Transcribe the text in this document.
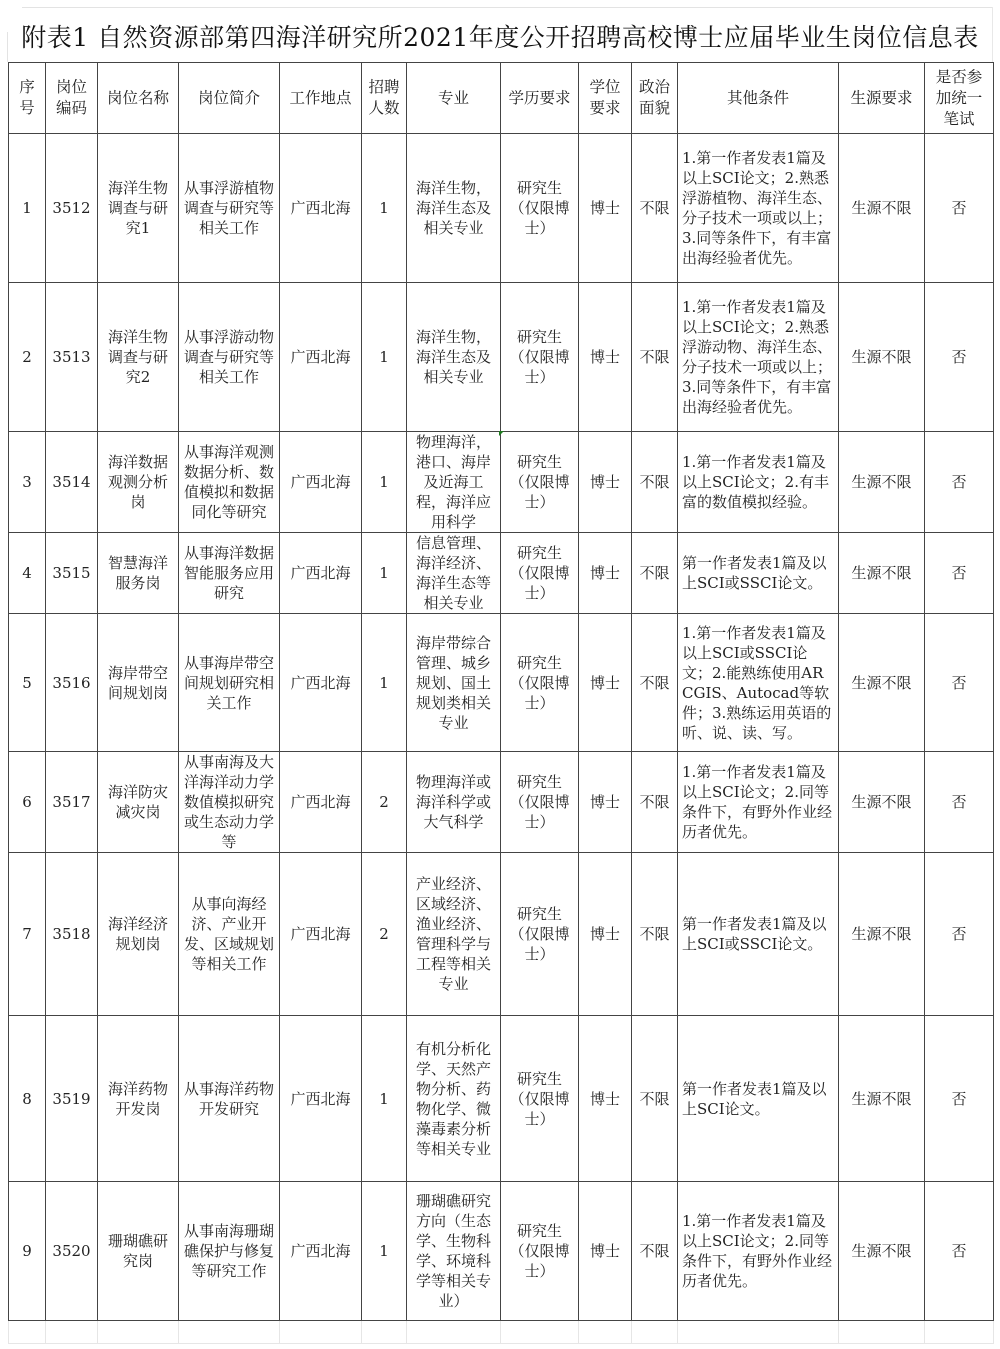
附表1 自然资源部第四海洋研究所2021年度公开招聘高校博士应届毕业生岗位信息表
序号	岗位编码	岗位名称	岗位简介	工作地点	招聘人数	专业	学历要求	学位要求	政治面貌	其他条件	生源要求	是否参加统一笔试
1	3512	海洋生物调查与研究1	从事浮游植物调查与研究等相关工作	广西北海	1	海洋生物，海洋生态及相关专业	研究生（仅限博士）	博士	不限	1.第一作者发表1篇及以上SCI论文；2.熟悉浮游植物、海洋生态、分子技术一项或以上；3.同等条件下，有丰富出海经验者优先。	生源不限	否
2	3513	海洋生物调查与研究2	从事浮游动物调查与研究等相关工作	广西北海	1	海洋生物，海洋生态及相关专业	研究生（仅限博士）	博士	不限	1.第一作者发表1篇及以上SCI论文；2.熟悉浮游动物、海洋生态、分子技术一项或以上；3.同等条件下，有丰富出海经验者优先。	生源不限	否
3	3514	海洋数据观测分析岗	从事海洋观测数据分析、数值模拟和数据同化等研究	广西北海	1	物理海洋，港口、海岸及近海工程，海洋应用科学	研究生（仅限博士）	博士	不限	1.第一作者发表1篇及以上SCI论文；2.有丰富的数值模拟经验。	生源不限	否
4	3515	智慧海洋服务岗	从事海洋数据智能服务应用研究	广西北海	1	信息管理、海洋经济、海洋生态等相关专业	研究生（仅限博士）	博士	不限	第一作者发表1篇及以上SCI或SSCI论文。	生源不限	否
5	3516	海岸带空间规划岗	从事海岸带空间规划研究相关工作	广西北海	1	海岸带综合管理、城乡规划、国土规划类相关专业	研究生（仅限博士）	博士	不限	1.第一作者发表1篇及以上SCI或SSCI论文；2.能熟练使用ARCGIS、Autocad等软件；3.熟练运用英语的听、说、读、写。	生源不限	否
6	3517	海洋防灾减灾岗	从事南海及大洋海洋动力学数值模拟研究或生态动力学等	广西北海	2	物理海洋或海洋科学或大气科学	研究生（仅限博士）	博士	不限	1.第一作者发表1篇及以上SCI论文；2.同等条件下，有野外作业经历者优先。	生源不限	否
7	3518	海洋经济规划岗	从事向海经济、产业开发、区域规划等相关工作	广西北海	2	产业经济、区域经济、渔业经济、管理科学与工程等相关专业	研究生（仅限博士）	博士	不限	第一作者发表1篇及以上SCI或SSCI论文。	生源不限	否
8	3519	海洋药物开发岗	从事海洋药物开发研究	广西北海	1	有机分析化学、天然产物分析、药物化学、微藻毒素分析等相关专业	研究生（仅限博士）	博士	不限	第一作者发表1篇及以上SCI论文。	生源不限	否
9	3520	珊瑚礁研究岗	从事南海珊瑚礁保护与修复等研究工作	广西北海	1	珊瑚礁研究方向（生态学、生物科学、环境科学等相关专业）	研究生（仅限博士）	博士	不限	1.第一作者发表1篇及以上SCI论文；2.同等条件下，有野外作业经历者优先。	生源不限	否
